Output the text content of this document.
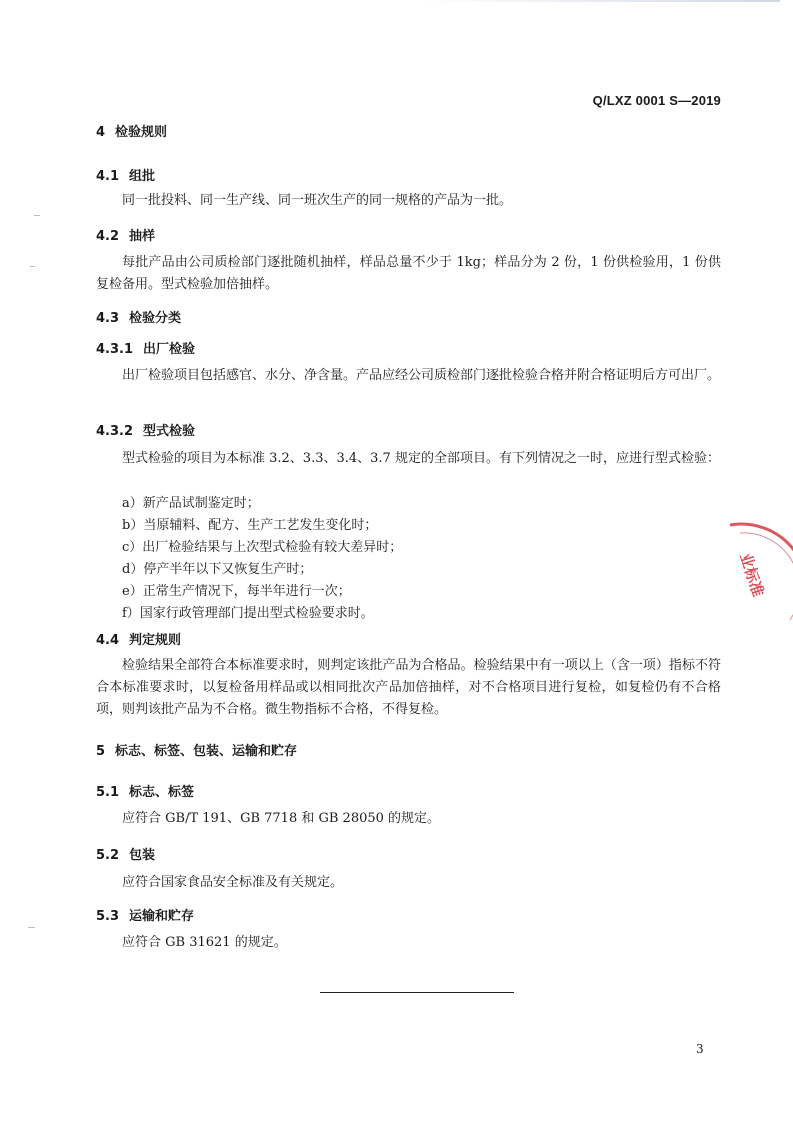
Q/LXZ 0001 S—2019
4 检验规则
4.1 组批
同一批投料、同一生产线、同一班次生产的同一规格的产品为一批。
4.2 抽样
每批产品由公司质检部门逐批随机抽样，样品总量不少于 1kg；样品分为 2 份，1 份供检验用，1 份供复检备用。型式检验加倍抽样。
4.3 检验分类
4.3.1 出厂检验
出厂检验项目包括感官、水分、净含量。产品应经公司质检部门逐批检验合格并附合格证明后方可出厂。
4.3.2 型式检验
型式检验的项目为本标准 3.2、3.3、3.4、3.7 规定的全部项目。有下列情况之一时，应进行型式检验：
a）新产品试制鉴定时；
b）当原辅料、配方、生产工艺发生变化时；
c）出厂检验结果与上次型式检验有较大差异时；
d）停产半年以下又恢复生产时；
e）正常生产情况下，每半年进行一次；
f）国家行政管理部门提出型式检验要求时。
4.4 判定规则
检验结果全部符合本标准要求时，则判定该批产品为合格品。检验结果中有一项以上（含一项）指标不符合本标准要求时，以复检备用样品或以相同批次产品加倍抽样，对不合格项目进行复检，如复检仍有不合格项，则判该批产品为不合格。微生物指标不合格，不得复检。
5 标志、标签、包装、运输和贮存
5.1 标志、标签
应符合 GB/T 191、GB 7718 和 GB 28050 的规定。
5.2 包装
应符合国家食品安全标准及有关规定。
5.3 运输和贮存
应符合 GB 31621 的规定。
3
业标准
